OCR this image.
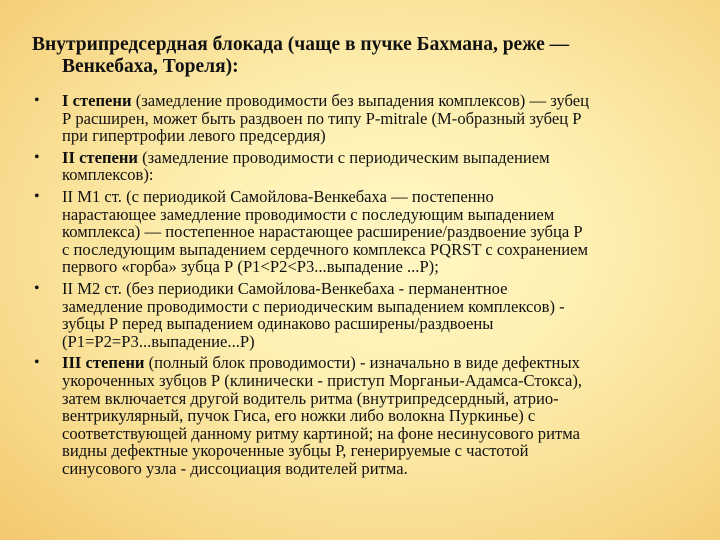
Внутрипредсердная блокада (чаще в пучке Бахмана, реже —
Венкебаха, Тореля):
• I степени (замедление проводимости без выпадения комплексов) — зубец
Р расширен, может быть раздвоен по типу P-mitrale (М-образный зубец Р
при гипертрофии левого предсердия)
• II степени (замедление проводимости с периодическим выпадением
комплексов):
• II М1 ст. (с периодикой Самойлова-Венкебаха — постепенно
нарастающее замедление проводимости с последующим выпадением
комплекса) — постепенное нарастающее расширение/раздвоение зубца Р
с последующим выпадением сердечного комплекса PQRST с сохранением
первого «горба» зубца Р (Р1<Р2<Р3...выпадение ...Р);
• II М2 ст. (без периодики Самойлова-Венкебаха - перманентное
замедление проводимости с периодическим выпадением комплексов) -
зубцы Р перед выпадением одинаково расширены/раздвоены
(Р1=Р2=Р3...выпадение...Р)
• III степени (полный блок проводимости) - изначально в виде дефектных
укороченных зубцов Р (клинически - приступ Морганьи-Адамса-Стокса),
затем включается другой водитель ритма (внутрипредсердный, атрио-
вентрикулярный, пучок Гиса, его ножки либо волокна Пуркинье) с
соответствующей данному ритму картиной; на фоне несинусового ритма
видны дефектные укороченные зубцы Р, генерируемые с частотой
синусового узла - диссоциация водителей ритма.
